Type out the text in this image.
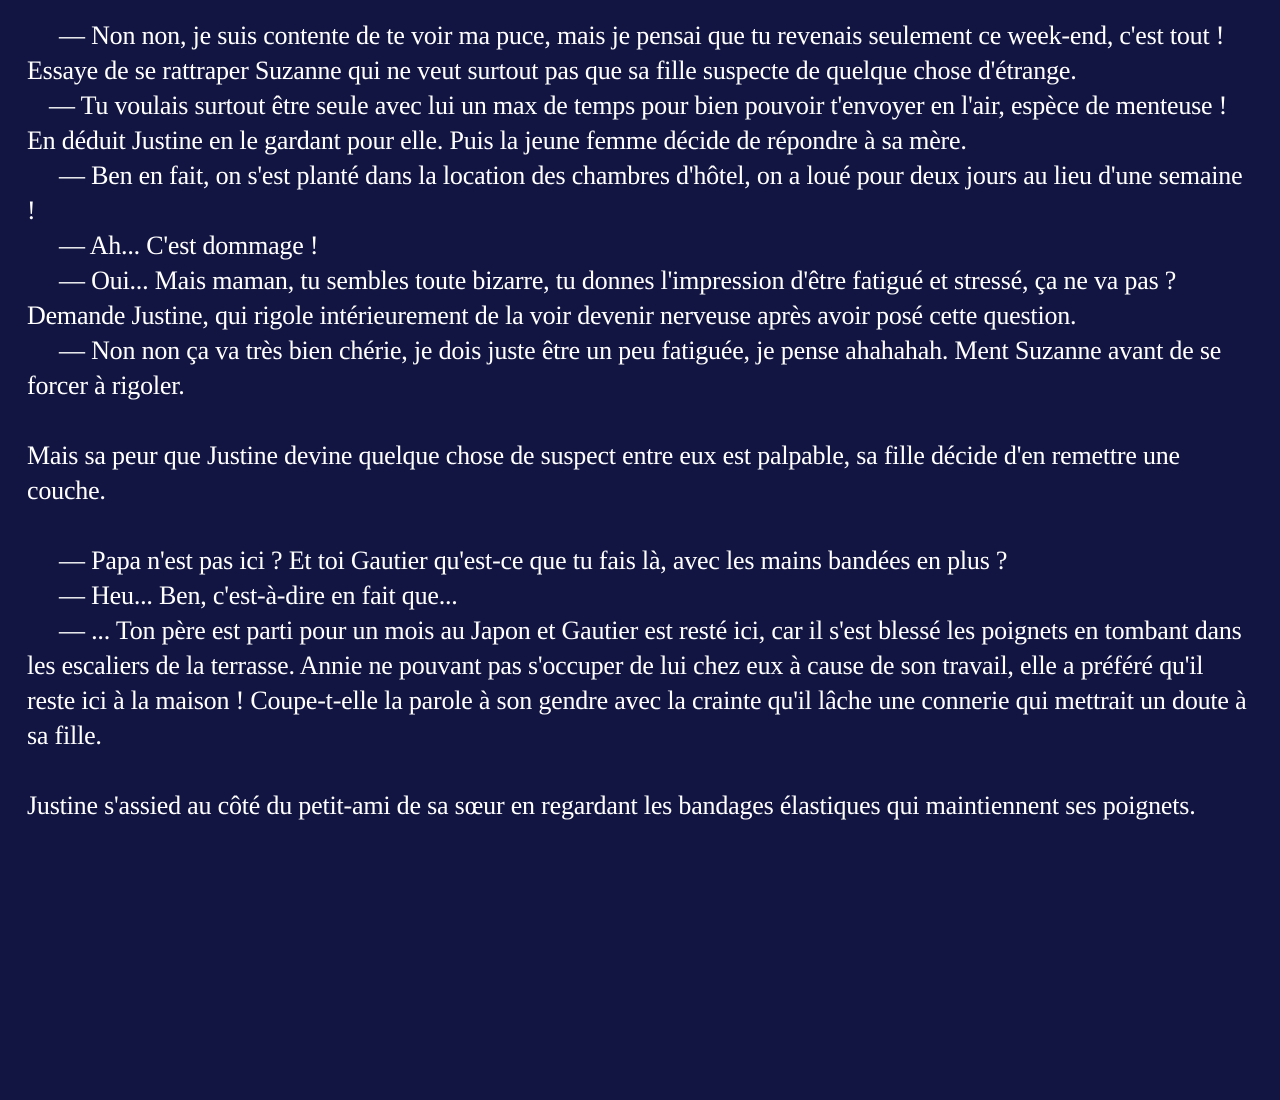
— Non non, je suis contente de te voir ma puce, mais je pensai que tu revenais seulement ce week-end, c'est tout ! Essaye de se rattraper Suzanne qui ne veut surtout pas que sa fille suspecte de quelque chose d'étrange.

— Tu voulais surtout être seule avec lui un max de temps pour bien pouvoir t'envoyer en l'air, espèce de menteuse ! En déduit Justine en le gardant pour elle. Puis la jeune femme décide de répondre à sa mère.

— Ben en fait, on s'est planté dans la location des chambres d'hôtel, on a loué pour deux jours au lieu d'une semaine !

— Ah... C'est dommage !

— Oui... Mais maman, tu sembles toute bizarre, tu donnes l'impression d'être fatigué et stressé, ça ne va pas ? Demande Justine, qui rigole intérieurement de la voir devenir nerveuse après avoir posé cette question.

— Non non ça va très bien chérie, je dois juste être un peu fatiguée, je pense ahahahah. Ment Suzanne avant de se forcer à rigoler.

Mais sa peur que Justine devine quelque chose de suspect entre eux est palpable, sa fille décide d'en remettre une couche.

— Papa n'est pas ici ? Et toi Gautier qu'est-ce que tu fais là, avec les mains bandées en plus ?

— Heu... Ben, c'est-à-dire en fait que...

— ... Ton père est parti pour un mois au Japon et Gautier est resté ici, car il s'est blessé les poignets en tombant dans les escaliers de la terrasse. Annie ne pouvant pas s'occuper de lui chez eux à cause de son travail, elle a préféré qu'il reste ici à la maison ! Coupe-t-elle la parole à son gendre avec la crainte qu'il lâche une connerie qui mettrait un doute à sa fille.

Justine s'assied au côté du petit-ami de sa sœur en regardant les bandages élastiques qui maintiennent ses poignets.
